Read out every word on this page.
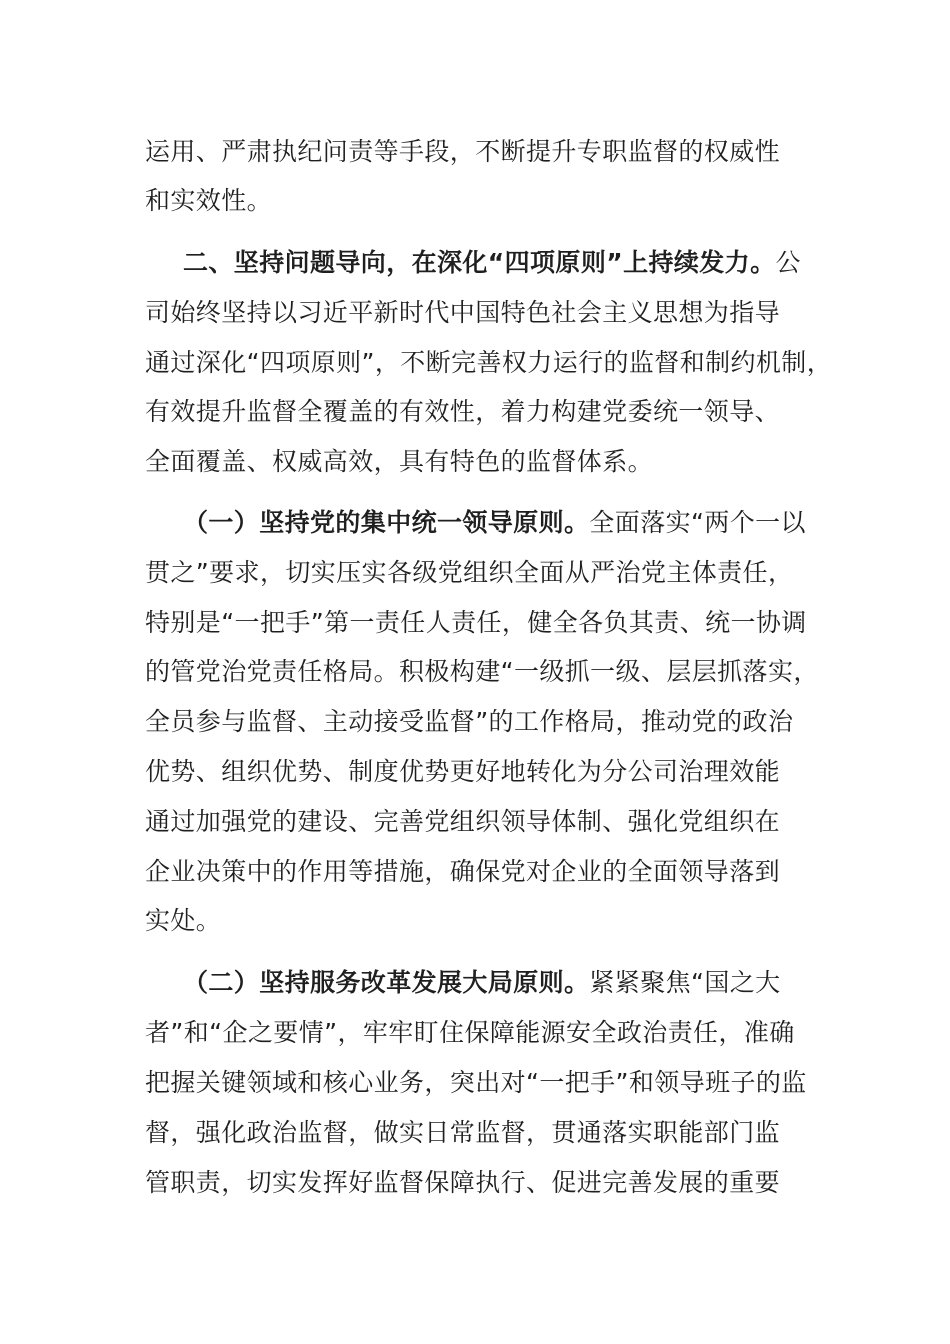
运用、严肃执纪问责等手段，不断提升专职监督的权威性
和实效性。
二、坚持问题导向，在深化“四项原则”上持续发力。公
司始终坚持以习近平新时代中国特色社会主义思想为指导
通过深化“四项原则”，不断完善权力运行的监督和制约机制，
有效提升监督全覆盖的有效性，着力构建党委统一领导、
全面覆盖、权威高效，具有特色的监督体系。
（一）坚持党的集中统一领导原则。全面落实“两个一以
贯之”要求，切实压实各级党组织全面从严治党主体责任，
特别是“一把手”第一责任人责任，健全各负其责、统一协调
的管党治党责任格局。积极构建“一级抓一级、层层抓落实，
全员参与监督、主动接受监督”的工作格局，推动党的政治
优势、组织优势、制度优势更好地转化为分公司治理效能
通过加强党的建设、完善党组织领导体制、强化党组织在
企业决策中的作用等措施，确保党对企业的全面领导落到
实处。
（二）坚持服务改革发展大局原则。紧紧聚焦“国之大
者”和“企之要情”，牢牢盯住保障能源安全政治责任，准确
把握关键领域和核心业务，突出对“一把手”和领导班子的监
督，强化政治监督，做实日常监督，贯通落实职能部门监
管职责，切实发挥好监督保障执行、促进完善发展的重要
